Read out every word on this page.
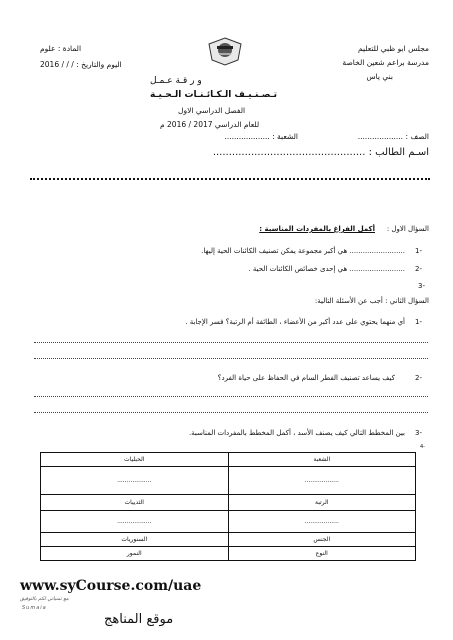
مجلس ابو ظبي للتعليم
مدرسة براعم شعين الخاصة
بني ياس
المادة : علوم
اليوم والتاريخ : / / / 2016
و ر قـة عـمـل
تـصـنـيـف الـكـائـنـات الـحـيـة
الفصل الدراسي الاول
للعام الدراسي 2017 / 2016 م
الصف : ...................
الشعبة : ...................
اسـم الطالب : ................................................
السؤال الاول :
أكمل الفراغ بالمفردات المناسبة :
1-
......................... هي أكبر مجموعة يمكن تصنيف الكائنات الحية إليها.
2-
......................... هي إحدى خصائص الكائنات الحية .
3-
السؤال الثاني : أجب عن الأسئلة التالية:
1-
أي منهما يحتوي على عدد أكبر من الأعضاء ، الطائفة أم الرتبة؟ فسر الإجابة .
2-
كيف يساعد تصنيف الفطر السام في الحفاظ على حياة الفرد؟
3-
بين المخطط التالي كيف يصنف الأسد ، أكمل المخطط بالمفردات المناسبة.
4-
الشعبة	الحبليات
..................	..................
الرتبة	الثدييات
..................	..................
الجنس	السنوريات
النوع	النمور
www.syCourse.com/uae
مع تمنياتي لكم بالتوفيق
Sumaia
موقع المناهج
